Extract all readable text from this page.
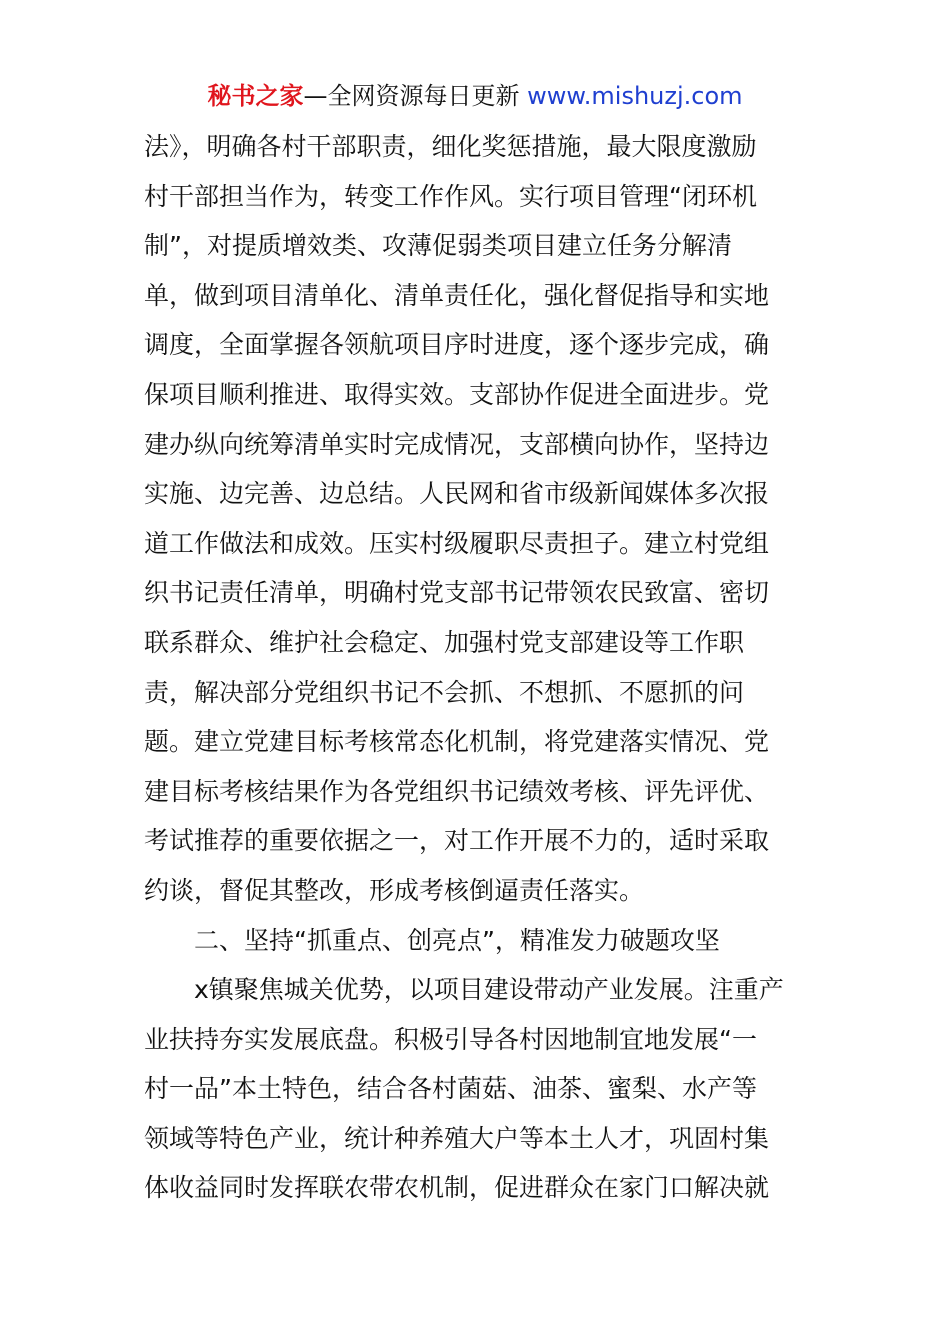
秘书之家—全网资源每日更新 www.mishuzj.com
法》，明确各村干部职责，细化奖惩措施，最大限度激励
村干部担当作为，转变工作作风。实行项目管理“闭环机
制”，对提质增效类、攻薄促弱类项目建立任务分解清
单，做到项目清单化、清单责任化，强化督促指导和实地
调度，全面掌握各领航项目序时进度，逐个逐步完成，确
保项目顺利推进、取得实效。支部协作促进全面进步。党
建办纵向统筹清单实时完成情况，支部横向协作，坚持边
实施、边完善、边总结。人民网和省市级新闻媒体多次报
道工作做法和成效。压实村级履职尽责担子。建立村党组
织书记责任清单，明确村党支部书记带领农民致富、密切
联系群众、维护社会稳定、加强村党支部建设等工作职
责，解决部分党组织书记不会抓、不想抓、不愿抓的问
题。建立党建目标考核常态化机制，将党建落实情况、党
建目标考核结果作为各党组织书记绩效考核、评先评优、
考试推荐的重要依据之一，对工作开展不力的，适时采取
约谈，督促其整改，形成考核倒逼责任落实。
二、坚持“抓重点、创亮点”，精准发力破题攻坚
x镇聚焦城关优势，以项目建设带动产业发展。注重产
业扶持夯实发展底盘。积极引导各村因地制宜地发展“一
村一品”本土特色，结合各村菌菇、油茶、蜜梨、水产等
领域等特色产业，统计种养殖大户等本土人才，巩固村集
体收益同时发挥联农带农机制，促进群众在家门口解决就
